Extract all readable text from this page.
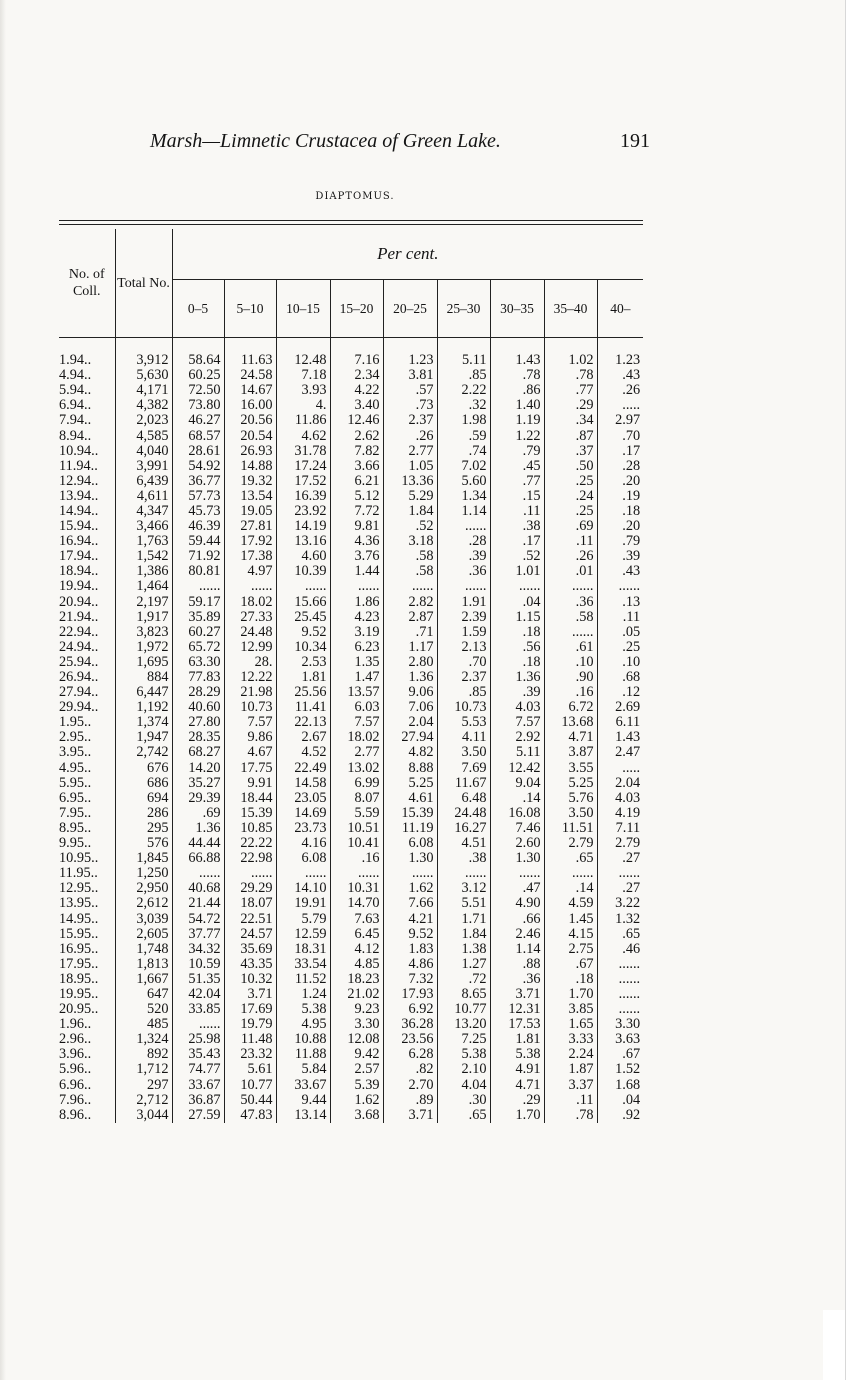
Marsh—Limnetic Crustacea of Green Lake.	191
DIAPTOMUS.
No. of Coll.	Total No.	Per cent.								
		0–5	5–10	10–15	15–20	20–25	25–30	30–35	35–40	40–

1.94..	3,912	58.64	11.63	12.48	7.16	1.23	5.11	1.43	1.02	1.23
4.94..	5,630	60.25	24.58	7.18	2.34	3.81	.85	.78	.78	.43
5.94..	4,171	72.50	14.67	3.93	4.22	.57	2.22	.86	.77	.26
6.94..	4,382	73.80	16.00	4.	3.40	.73	.32	1.40	.29	.....
7.94..	2,023	46.27	20.56	11.86	12.46	2.37	1.98	1.19	.34	2.97
8.94..	4,585	68.57	20.54	4.62	2.62	.26	.59	1.22	.87	.70
10.94..	4,040	28.61	26.93	31.78	7.82	2.77	.74	.79	.37	.17
11.94..	3,991	54.92	14.88	17.24	3.66	1.05	7.02	.45	.50	.28
12.94..	6,439	36.77	19.32	17.52	6.21	13.36	5.60	.77	.25	.20
13.94..	4,611	57.73	13.54	16.39	5.12	5.29	1.34	.15	.24	.19
14.94..	4,347	45.73	19.05	23.92	7.72	1.84	1.14	.11	.25	.18
15.94..	3,466	46.39	27.81	14.19	9.81	.52	......	.38	.69	.20
16.94..	1,763	59.44	17.92	13.16	4.36	3.18	.28	.17	.11	.79
17.94..	1,542	71.92	17.38	4.60	3.76	.58	.39	.52	.26	.39
18.94..	1,386	80.81	4.97	10.39	1.44	.58	.36	1.01	.01	.43
19.94..	1,464	......	......	......	......	......	......	......	......	......
20.94..	2,197	59.17	18.02	15.66	1.86	2.82	1.91	.04	.36	.13
21.94..	1,917	35.89	27.33	25.45	4.23	2.87	2.39	1.15	.58	.11
22.94..	3,823	60.27	24.48	9.52	3.19	.71	1.59	.18	......	.05
24.94..	1,972	65.72	12.99	10.34	6.23	1.17	2.13	.56	.61	.25
25.94..	1,695	63.30	28.	2.53	1.35	2.80	.70	.18	.10	.10
26.94..	884	77.83	12.22	1.81	1.47	1.36	2.37	1.36	.90	.68
27.94..	6,447	28.29	21.98	25.56	13.57	9.06	.85	.39	.16	.12
29.94..	1,192	40.60	10.73	11.41	6.03	7.06	10.73	4.03	6.72	2.69
1.95..	1,374	27.80	7.57	22.13	7.57	2.04	5.53	7.57	13.68	6.11
2.95..	1,947	28.35	9.86	2.67	18.02	27.94	4.11	2.92	4.71	1.43
3.95..	2,742	68.27	4.67	4.52	2.77	4.82	3.50	5.11	3.87	2.47
4.95..	676	14.20	17.75	22.49	13.02	8.88	7.69	12.42	3.55	.....
5.95..	686	35.27	9.91	14.58	6.99	5.25	11.67	9.04	5.25	2.04
6.95..	694	29.39	18.44	23.05	8.07	4.61	6.48	.14	5.76	4.03
7.95..	286	.69	15.39	14.69	5.59	15.39	24.48	16.08	3.50	4.19
8.95..	295	1.36	10.85	23.73	10.51	11.19	16.27	7.46	11.51	7.11
9.95..	576	44.44	22.22	4.16	10.41	6.08	4.51	2.60	2.79	2.79
10.95..	1,845	66.88	22.98	6.08	.16	1.30	.38	1.30	.65	.27
11.95..	1,250	......	......	......	......	......	......	......	......	......
12.95..	2,950	40.68	29.29	14.10	10.31	1.62	3.12	.47	.14	.27
13.95..	2,612	21.44	18.07	19.91	14.70	7.66	5.51	4.90	4.59	3.22
14.95..	3,039	54.72	22.51	5.79	7.63	4.21	1.71	.66	1.45	1.32
15.95..	2,605	37.77	24.57	12.59	6.45	9.52	1.84	2.46	4.15	.65
16.95..	1,748	34.32	35.69	18.31	4.12	1.83	1.38	1.14	2.75	.46
17.95..	1,813	10.59	43.35	33.54	4.85	4.86	1.27	.88	.67	......
18.95..	1,667	51.35	10.32	11.52	18.23	7.32	.72	.36	.18	......
19.95..	647	42.04	3.71	1.24	21.02	17.93	8.65	3.71	1.70	......
20.95..	520	33.85	17.69	5.38	9.23	6.92	10.77	12.31	3.85	......
1.96..	485	......	19.79	4.95	3.30	36.28	13.20	17.53	1.65	3.30
2.96..	1,324	25.98	11.48	10.88	12.08	23.56	7.25	1.81	3.33	3.63
3.96..	892	35.43	23.32	11.88	9.42	6.28	5.38	5.38	2.24	.67
5.96..	1,712	74.77	5.61	5.84	2.57	.82	2.10	4.91	1.87	1.52
6.96..	297	33.67	10.77	33.67	5.39	2.70	4.04	4.71	3.37	1.68
7.96..	2,712	36.87	50.44	9.44	1.62	.89	.30	.29	.11	.04
8.96..	3,044	27.59	47.83	13.14	3.68	3.71	.65	1.70	.78	.92
